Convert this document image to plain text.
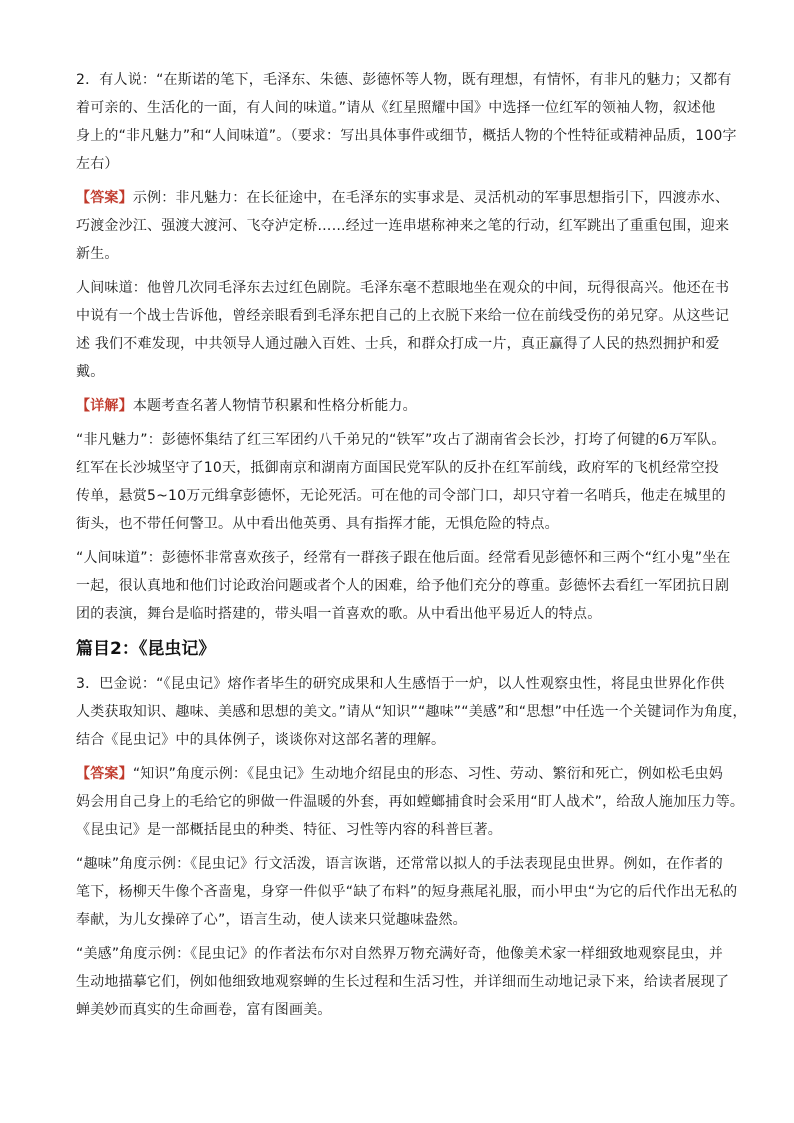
2．有人说：“在斯诺的笔下，毛泽东、朱德、彭德怀等人物，既有理想，有情怀，有非凡的魅力；又都有
着可亲的、生活化的一面，有人间的味道。”请从《红星照耀中国》中选择一位红军的领袖人物，叙述他
身上的“非凡魅力”和“人间味道”。（要求：写出具体事件或细节，概括人物的个性特征或精神品质，100字
左右）
【答案】示例：非凡魅力：在长征途中，在毛泽东的实事求是、灵活机动的军事思想指引下，四渡赤水、
巧渡金沙江、强渡大渡河、飞夺泸定桥……经过一连串堪称神来之笔的行动，红军跳出了重重包围，迎来
新生。
人间味道：他曾几次同毛泽东去过红色剧院。毛泽东毫不惹眼地坐在观众的中间，玩得很高兴。他还在书
中说有一个战士告诉他，曾经亲眼看到毛泽东把自己的上衣脱下来给一位在前线受伤的弟兄穿。从这些记
述 我们不难发现，中共领导人通过融入百姓、士兵，和群众打成一片，真正赢得了人民的热烈拥护和爱
戴。
【详解】本题考查名著人物情节积累和性格分析能力。
“非凡魅力”：彭德怀集结了红三军团约八千弟兄的“铁军”攻占了湖南省会长沙，打垮了何键的6万军队。
红军在长沙城坚守了10天，抵御南京和湖南方面国民党军队的反扑在红军前线，政府军的飞机经常空投
传单，悬赏5~10万元缉拿彭德怀，无论死活。可在他的司令部门口，却只守着一名哨兵，他走在城里的
街头，也不带任何警卫。从中看出他英勇、具有指挥才能，无惧危险的特点。
“人间味道”：彭德怀非常喜欢孩子，经常有一群孩子跟在他后面。经常看见彭德怀和三两个“红小鬼”坐在
一起，很认真地和他们讨论政治问题或者个人的困难，给予他们充分的尊重。彭德怀去看红一军团抗日剧
团的表演，舞台是临时搭建的，带头唱一首喜欢的歌。从中看出他平易近人的特点。
篇目2：《昆虫记》
3．巴金说：“《昆虫记》熔作者毕生的研究成果和人生感悟于一炉，以人性观察虫性，将昆虫世界化作供
人类获取知识、趣味、美感和思想的美文。”请从“知识”“趣味”“美感”和“思想”中任选一个关键词作为角度，
结合《昆虫记》中的具体例子，谈谈你对这部名著的理解。
【答案】“知识”角度示例：《昆虫记》生动地介绍昆虫的形态、习性、劳动、繁衍和死亡，例如松毛虫妈
妈会用自己身上的毛给它的卵做一件温暖的外套，再如螳螂捕食时会采用“盯人战术”，给敌人施加压力等。
《昆虫记》是一部概括昆虫的种类、特征、习性等内容的科普巨著。
“趣味”角度示例：《昆虫记》行文活泼，语言诙谐，还常常以拟人的手法表现昆虫世界。例如，在作者的
笔下，杨柳天牛像个吝啬鬼，身穿一件似乎“缺了布料”的短身燕尾礼服，而小甲虫“为它的后代作出无私的
奉献，为儿女操碎了心”，语言生动，使人读来只觉趣味盎然。
“美感”角度示例：《昆虫记》的作者法布尔对自然界万物充满好奇，他像美术家一样细致地观察昆虫，并
生动地描摹它们，例如他细致地观察蝉的生长过程和生活习性，并详细而生动地记录下来，给读者展现了
蝉美妙而真实的生命画卷，富有图画美。
